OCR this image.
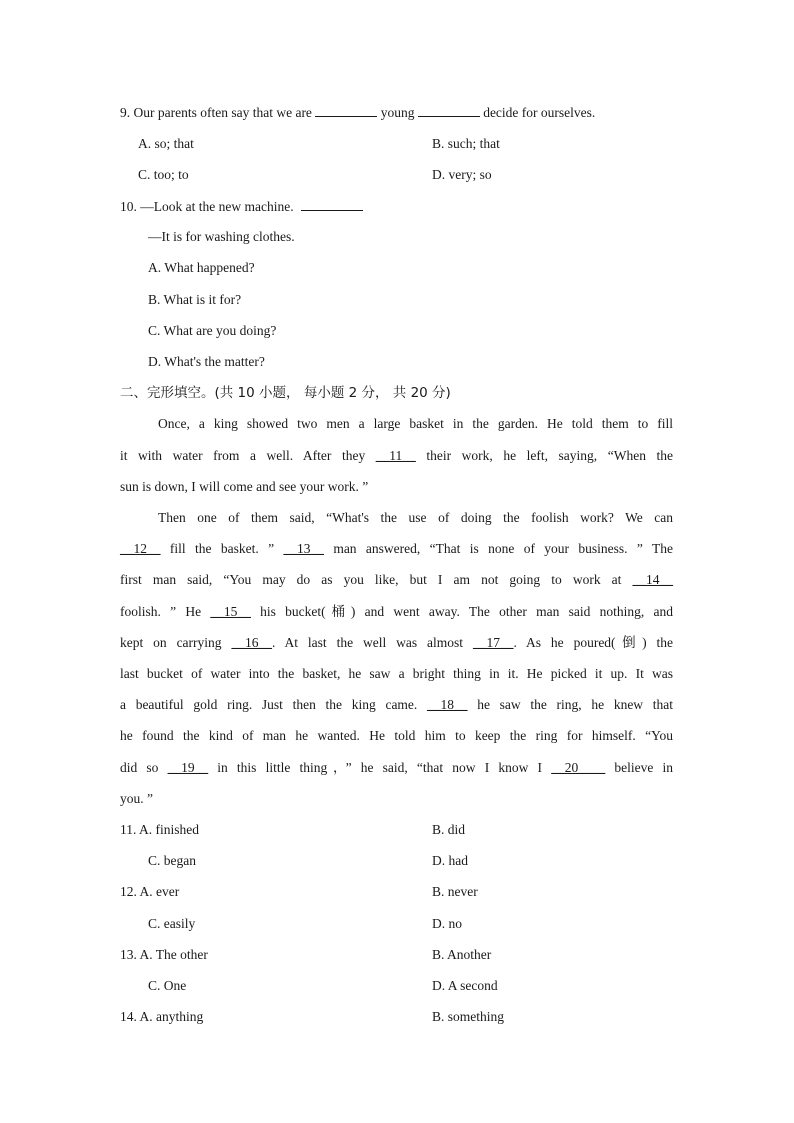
9. Our parents often say that we are	young	decide for ourselves.
A. so; that	B. such; that
C. too; to	D. very; so
10. —Look at the new machine.
—It is for washing clothes.
A. What happened?
B. What is it for?
C. What are you doing?
D. What's the matter?
二、完形填空。(共 10 小题， 每小题 2 分， 共 20 分)
Once, a king showed two men a large basket in the garden. He told them to fill
it with water from a well. After they __11__ their work, he left, saying, “When the
sun is down, I will come and see your work. ”
Then one of them said, “What's the use of doing the foolish work? We can
__12__ fill the basket. ” __13__ man answered, “That is none of your business. ” The
first man said, “You may do as you like, but I am not going to work at __14__
foolish. ” He __15__ his bucket(桶) and went away. The other man said nothing, and
kept on carrying __16__. At last the well was almost __17__. As he poured(倒) the
last bucket of water into the basket, he saw a bright thing in it. He picked it up. It was
a beautiful gold ring. Just then the king came. __18__ he saw the ring, he knew that
he found the kind of man he wanted. He told him to keep the ring for himself. “You
did so __19__ in this little thing，” he said, “that now I know I __20____ believe in
you. ”
11. A. finished	B. did
C. began	D. had
12. A. ever	B. never
C. easily	D. no
13. A. The other	B. Another
C. One	D. A second
14. A. anything	B. something
